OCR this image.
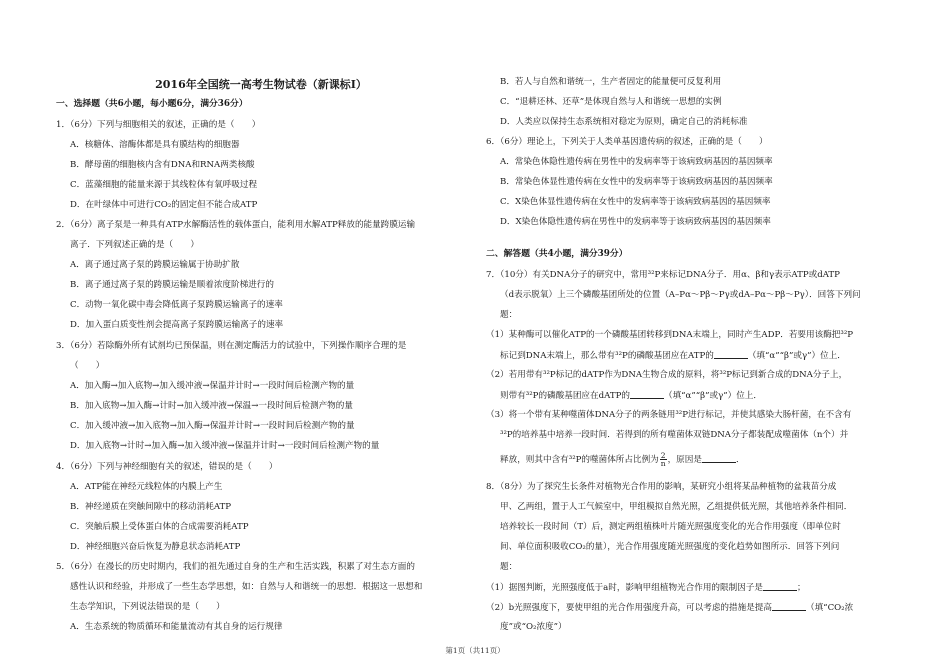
2016年全国统一高考生物试卷（新课标Ⅰ）
一、选择题（共6小题，每小题6分，满分36分）
1．（6分）下列与细胞相关的叙述，正确的是（　　）
A．核糖体、溶酶体都是具有膜结构的细胞器
B．酵母菌的细胞核内含有DNA和RNA两类核酸
C．蓝藻细胞的能量来源于其线粒体有氧呼吸过程
D．在叶绿体中可进行CO₂的固定但不能合成ATP
2．（6分）离子泵是一种具有ATP水解酶活性的载体蛋白，能利用水解ATP释放的能量跨膜运输
离子．下列叙述正确的是（　　）
A．离子通过离子泵的跨膜运输属于协助扩散
B．离子通过离子泵的跨膜运输是顺着浓度阶梯进行的
C．动物一氧化碳中毒会降低离子泵跨膜运输离子的速率
D．加入蛋白质变性剂会提高离子泵跨膜运输离子的速率
3．（6分）若除酶外所有试剂均已预保温，则在测定酶活力的试验中，下列操作顺序合理的是
（　　）
A．加入酶→加入底物→加入缓冲液→保温并计时→一段时间后检测产物的量
B．加入底物→加入酶→计时→加入缓冲液→保温→一段时间后检测产物的量
C．加入缓冲液→加入底物→加入酶→保温并计时→一段时间后检测产物的量
D．加入底物→计时→加入酶→加入缓冲液→保温并计时→一段时间后检测产物的量
4．（6分）下列与神经细胞有关的叙述，错误的是（　　）
A．ATP能在神经元线粒体的内膜上产生
B．神经递质在突触间隙中的移动消耗ATP
C．突触后膜上受体蛋白体的合成需要消耗ATP
D．神经细胞兴奋后恢复为静息状态消耗ATP
5．（6分）在漫长的历史时期内，我们的祖先通过自身的生产和生活实践，积累了对生态方面的
感性认识和经验，并形成了一些生态学思想，如：自然与人和谐统一的思想．根据这一思想和
生态学知识，下列说法错误的是（　　）
A．生态系统的物质循环和能量流动有其自身的运行规律
B．若人与自然和谐统一，生产者固定的能量便可反复利用
C．“退耕还林、还草”是体现自然与人和谐统一思想的实例
D．人类应以保持生态系统相对稳定为原则，确定自己的消耗标准
6．（6分）理论上，下列关于人类单基因遗传病的叙述，正确的是（　　）
A．常染色体隐性遗传病在男性中的发病率等于该病致病基因的基因频率
B．常染色体显性遗传病在女性中的发病率等于该病致病基因的基因频率
C．X染色体显性遗传病在女性中的发病率等于该病致病基因的基因频率
D．X染色体隐性遗传病在男性中的发病率等于该病致病基因的基因频率
二、解答题（共4小题，满分39分）
7．（10分）有关DNA分子的研究中，常用³²P来标记DNA分子．用α、β和γ表示ATP或dATP
（d表示脱氧）上三个磷酸基团所处的位置（A–Pα～Pβ～Pγ或dA–Pα～Pβ～Pγ）．回答下列问
题：
（1）某种酶可以催化ATP的一个磷酸基团转移到DNA末端上，同时产生ADP．若要用该酶把³²P
标记到DNA末端上，那么带有³²P的磷酸基团应在ATP的	（填“α”“β”或γ”）位上．
（2）若用带有³²P标记的dATP作为DNA生物合成的原料，将³²P标记到新合成的DNA分子上，
则带有³²P的磷酸基团应在dATP的	（填“α”“β”或γ”）位上．
（3）将一个带有某种噬菌体DNA分子的两条链用³²P进行标记，并使其感染大肠杆菌，在不含有
³²P的培养基中培养一段时间．若得到的所有噬菌体双链DNA分子都装配成噬菌体（n个）并
释放，则其中含有³²P的噬菌体所占比例为 $\frac{2}{n}$ ，原因是	．
8．（8分）为了探究生长条件对植物光合作用的影响，某研究小组将某品种植物的盆栽苗分成
甲、乙两组，置于人工气候室中，甲组模拟自然光照，乙组提供低光照，其他培养条件相同．
培养较长一段时间（T）后，测定两组植株叶片随光照强度变化的光合作用强度（即单位时
间、单位面积吸收CO₂的量），光合作用强度随光照强度的变化趋势如图所示．回答下列问
题：
（1）据图判断，光照强度低于a时，影响甲组植物光合作用的限制因子是	；
（2）b光照强度下，要使甲组的光合作用强度升高，可以考虑的措施是提高	（填“CO₂浓
度”或“O₂浓度”）
第1页（共11页）
